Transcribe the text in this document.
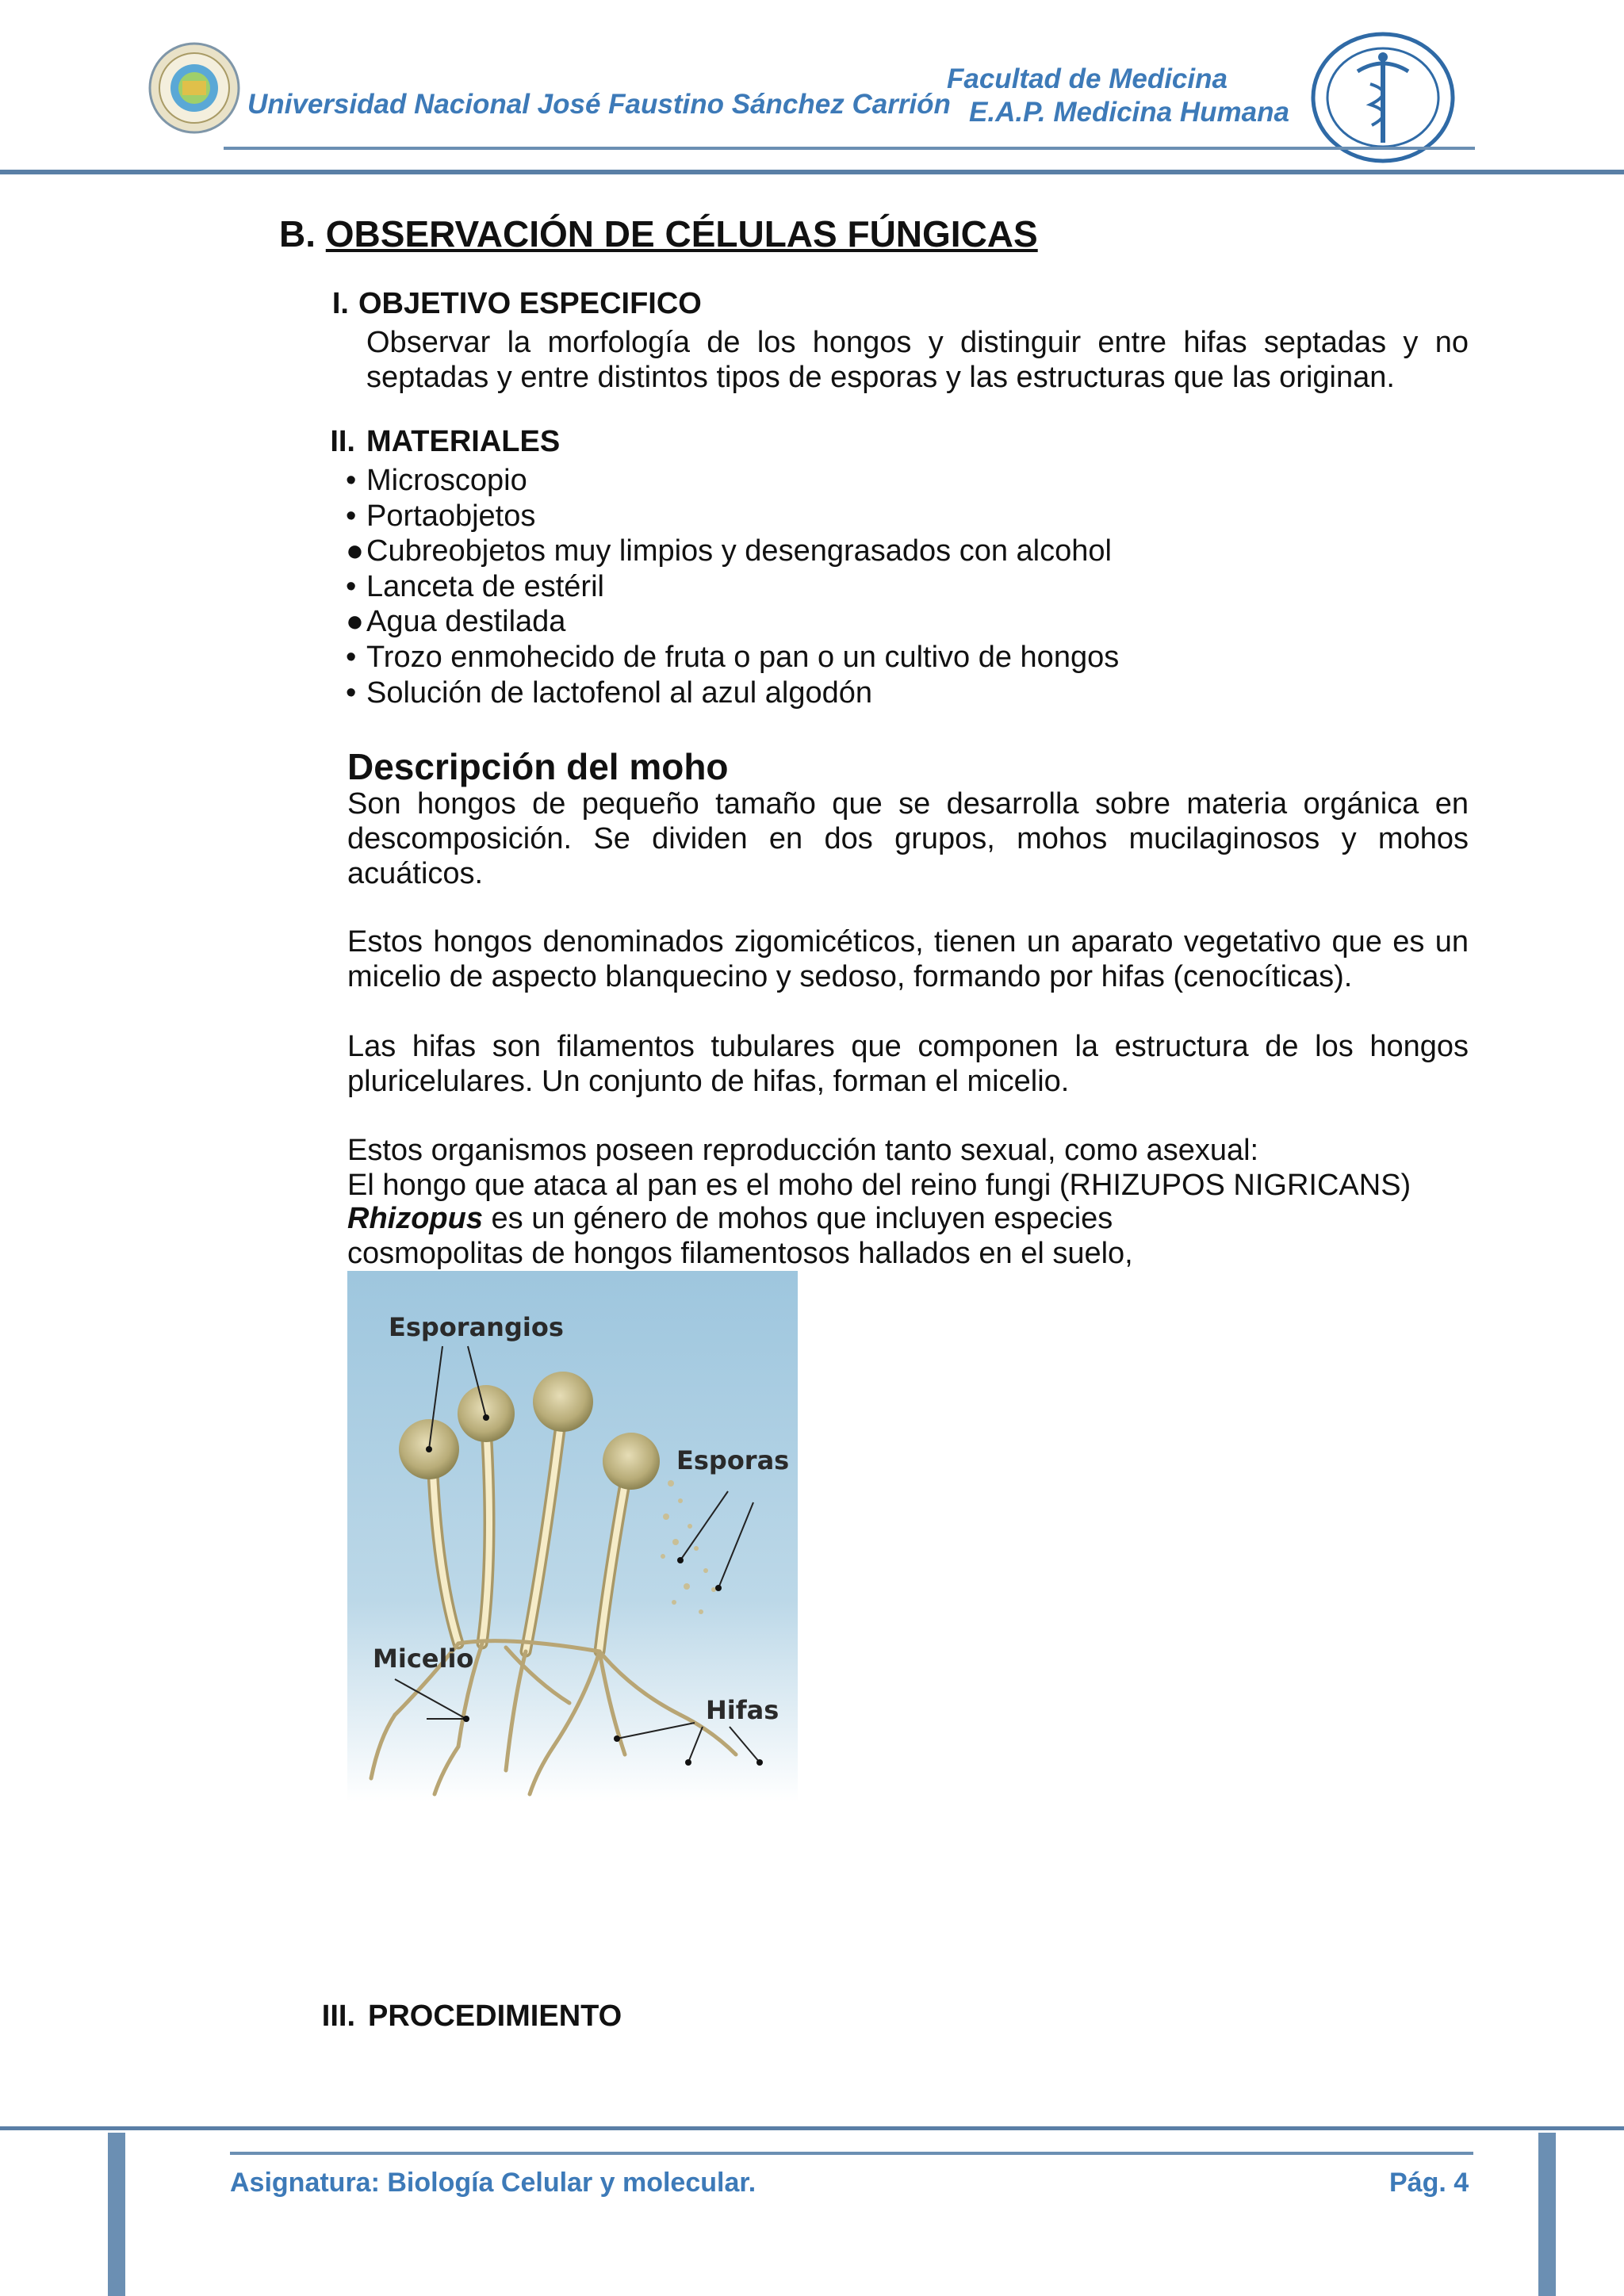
Universidad Nacional José Faustino Sánchez Carrión
Facultad de Medicina
E.A.P. Medicina Humana
B. OBSERVACIÓN DE CÉLULAS FÚNGICAS
I. OBJETIVO ESPECIFICO
Observar la morfología de los hongos y distinguir entre hifas septadas y no septadas y entre distintos tipos de esporas y las estructuras que las originan.
II. MATERIALES
• Microscopio
• Portaobjetos
●Cubreobjetos muy limpios y desengrasados con alcohol
• Lanceta de estéril
●Agua destilada
• Trozo enmohecido de fruta o pan o un cultivo de hongos
• Solución de lactofenol al azul algodón
Descripción del moho
Son hongos de pequeño tamaño que se desarrolla sobre materia orgánica en descomposición. Se dividen en dos grupos, mohos mucilaginosos y mohos acuáticos.
Estos hongos denominados zigomicéticos, tienen un aparato vegetativo que es un micelio de aspecto blanquecino y sedoso, formando por hifas (cenocíticas).
Las hifas son filamentos tubulares que componen la estructura de los hongos pluricelulares. Un conjunto de hifas, forman el micelio.
Estos organismos poseen reproducción tanto sexual, como asexual:
El hongo que ataca al pan es el moho del reino fungi (RHIZUPOS NIGRICANS)
Rhizopus es un género de mohos que incluyen especies
cosmopolitas de hongos filamentosos hallados en el suelo,
Esporangios
Esporas
Micelio
Hifas
III. PROCEDIMIENTO
Asignatura: Biología Celular y molecular.	Pág. 4
